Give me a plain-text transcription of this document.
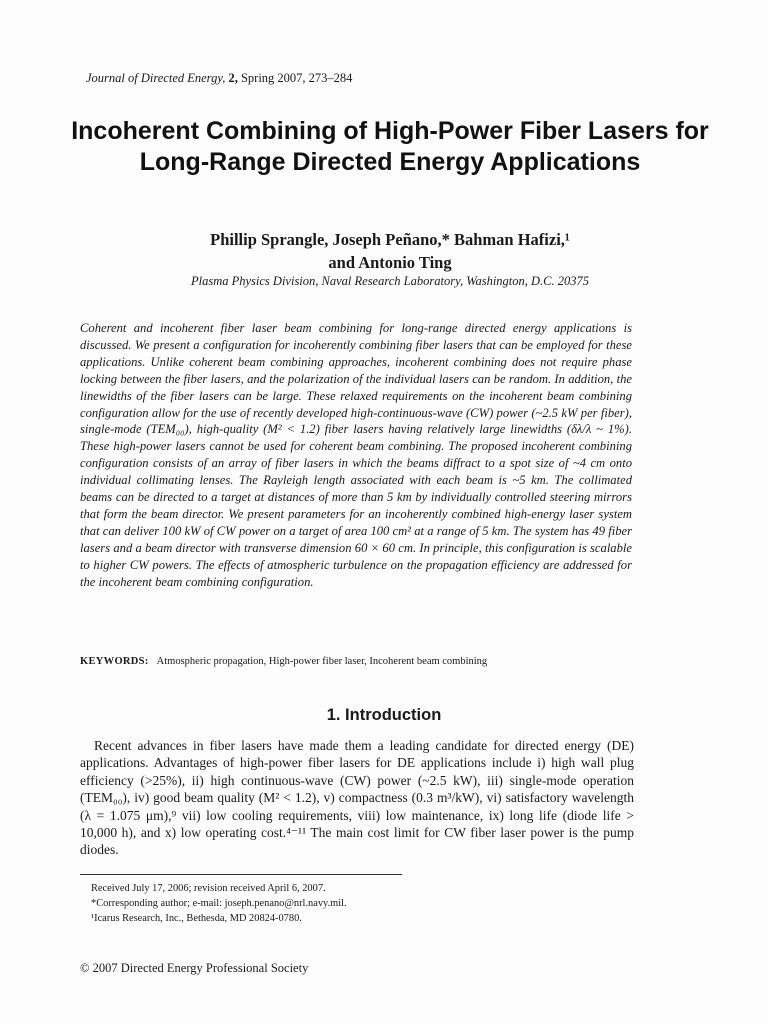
Journal of Directed Energy, 2, Spring 2007, 273–284
Incoherent Combining of High-Power Fiber Lasers for Long-Range Directed Energy Applications
Phillip Sprangle, Joseph Peñano,* Bahman Hafizi,¹
and Antonio Ting
Plasma Physics Division, Naval Research Laboratory, Washington, D.C. 20375
Coherent and incoherent fiber laser beam combining for long-range directed energy applications is discussed. We present a configuration for incoherently combining fiber lasers that can be employed for these applications. Unlike coherent beam combining approaches, incoherent combining does not require phase locking between the fiber lasers, and the polarization of the individual lasers can be random. In addition, the linewidths of the fiber lasers can be large. These relaxed requirements on the incoherent beam combining configuration allow for the use of recently developed high-continuous-wave (CW) power (~2.5 kW per fiber), single-mode (TEM₀₀), high-quality (M² < 1.2) fiber lasers having relatively large linewidths (δλ/λ ~ 1%). These high-power lasers cannot be used for coherent beam combining. The proposed incoherent combining configuration consists of an array of fiber lasers in which the beams diffract to a spot size of ~4 cm onto individual collimating lenses. The Rayleigh length associated with each beam is ~5 km. The collimated beams can be directed to a target at distances of more than 5 km by individually controlled steering mirrors that form the beam director. We present parameters for an incoherently combined high-energy laser system that can deliver 100 kW of CW power on a target of area 100 cm² at a range of 5 km. The system has 49 fiber lasers and a beam director with transverse dimension 60 × 60 cm. In principle, this configuration is scalable to higher CW powers. The effects of atmospheric turbulence on the propagation efficiency are addressed for the incoherent beam combining configuration.
KEYWORDS: Atmospheric propagation, High-power fiber laser, Incoherent beam combining
1. Introduction

Recent advances in fiber lasers have made them a leading candidate for directed energy (DE) applications. Advantages of high-power fiber lasers for DE applications include i) high wall plug efficiency (>25%), ii) high continuous-wave (CW) power (~2.5 kW), iii) single-mode operation (TEM₀₀), iv) good beam quality (M² < 1.2), v) compactness (0.3 m³/kW), vi) satisfactory wavelength (λ = 1.075 μm),⁹ vii) low cooling requirements, viii) low maintenance, ix) long life (diode life > 10,000 h), and x) low operating cost.⁴⁻¹¹ The main cost limit for CW fiber laser power is the pump diodes.

Received July 17, 2006; revision received April 6, 2007.
*Corresponding author; e-mail: joseph.penano@nrl.navy.mil.
¹Icarus Research, Inc., Bethesda, MD 20824-0780.
© 2007 Directed Energy Professional Society
